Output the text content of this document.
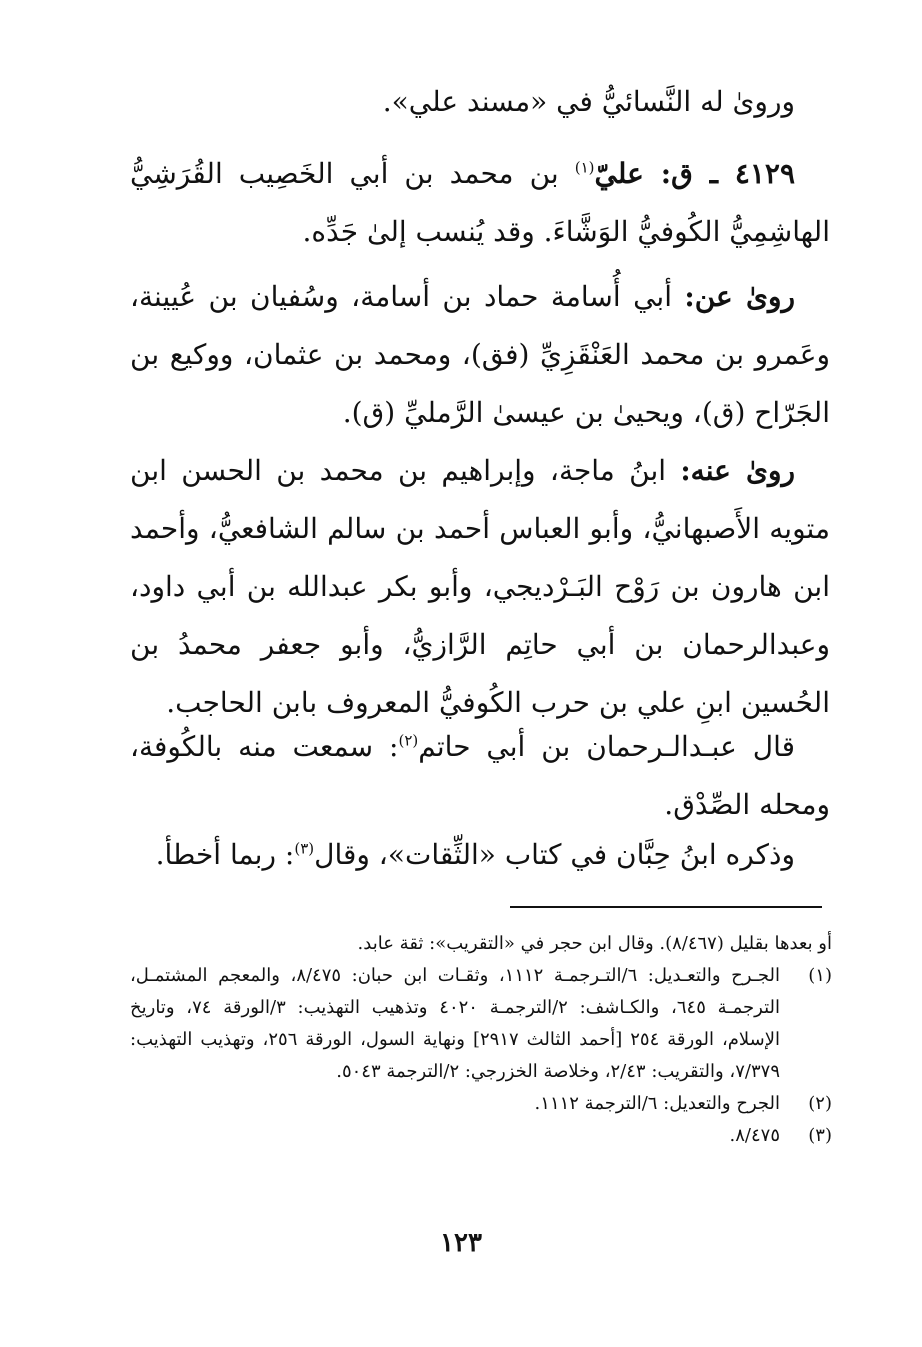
وروىٰ له النَّسائيُّ في «مسند علي».

٤١٢٩ ـ ق: عليّ$^{(١)}$ بن محمد بن أبي الخَصِيب القُرَشِيُّ الهاشِمِيُّ الكُوفيُّ الوَشَّاءَ. وقد يُنسب إلىٰ جَدِّه.

روىٰ عن: أبي أُسامة حماد بن أسامة، وسُفيان بن عُيينة، وعَمرو بن محمد العَنْقَزِيِّ (فق)، ومحمد بن عثمان، ووكيع بن الجَرّاح (ق)، ويحيىٰ بن عيسىٰ الرَّمليِّ (ق).

روىٰ عنه: ابنُ ماجة، وإبراهيم بن محمد بن الحسن ابن متويه الأَصبهانيُّ، وأبو العباس أحمد بن سالم الشافعيُّ، وأحمد ابن هارون بن رَوْح البَـرْديجي، وأبو بكر عبدالله بن أبي داود، وعبدالرحمان بن أبي حاتِم الرَّازيُّ، وأبو جعفر محمدُ بن الحُسين ابنِ علي بن حرب الكُوفيُّ المعروف بابن الحاجب.

قال عبـدالـرحمان بن أبي حاتم$^{(٢)}$: سمعت منه بالكُوفة، ومحله الصِّدْق.

وذكره ابنُ حِبَّان في كتاب «الثِّقات»، وقال$^{(٣)}$: ربما أخطأ.

أو بعدها بقليل (٨/٤٦٧). وقال ابن حجر في «التقريب»: ثقة عابد.
(١)
الجـرح والتعـديل: ٦/التـرجمـة ١١١٢، وثقـات ابن حبان: ٨/٤٧٥، والمعجم المشتمـل، الترجمـة ٦٤٥، والكـاشف: ٢/الترجمـة ٤٠٢٠ وتذهيب التهذيب: ٣/الورقة ٧٤، وتاريخ الإسلام، الورقة ٢٥٤ [أحمد الثالث ٢٩١٧] ونهاية السول، الورقة ٢٥٦، وتهذيب التهذيب: ٧/٣٧٩، والتقريب: ٢/٤٣، وخلاصة الخزرجي: ٢/الترجمة ٥٠٤٣.
(٢)
الجرح والتعديل: ٦/الترجمة ١١١٢.
(٣)
٨/٤٧٥.
١٢٣
